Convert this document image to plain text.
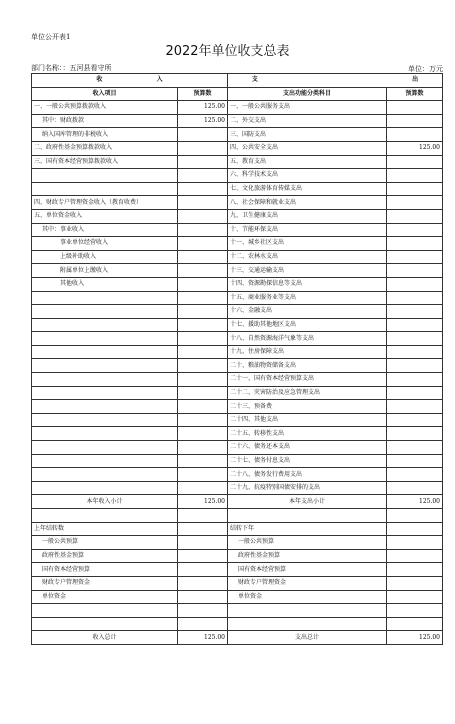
单位公开表1
2022年单位收支总表
部门名称：：五河县看守所	单位：万元
收 入		支 出	
收入项目	预算数	支出功能分类科目	预算数
一、一般公共预算拨款收入	125.00	一、一般公共服务支出	
其中：财政拨款	125.00	二、外交支出	
纳入国库管理的非税收入		三、国防支出	
二、政府性基金预算拨款收入		四、公共安全支出	125.00
三、国有资本经营预算拨款收入		五、教育支出	
		六、科学技术支出	
		七、文化旅游体育传媒支出	
四、财政专户管理资金收入（教育收费）		八、社会保障和就业支出	
五、单位资金收入		九、卫生健康支出	
其中：事业收入		十、节能环保支出	
事业单位经营收入		十一、城乡社区支出	
上级补助收入		十二、农林水支出	
附属单位上缴收入		十三、交通运输支出	
其他收入		十四、资源勘探信息等支出	
		十五、商业服务业等支出	
		十六、金融支出	
		十七、援助其他地区支出	
		十八、自然资源海洋气象等支出	
		十九、住房保障支出	
		二十、粮油物资储备支出	
		二十一、国有资本经营预算支出	
		二十二、灾害防治及应急管理支出	
		二十三、预备费	
		二十四、其他支出	
		二十五、转移性支出	
		二十六、债务还本支出	
		二十七、债务付息支出	
		二十八、债务发行费用支出	
		二十九、抗疫特别国债安排的支出	
本年收入小计	125.00	本年支出小计	125.00

上年结转数		结转下年	
一般公共预算		一般公共预算	
政府性基金预算		政府性基金预算	
国有资本经营预算		国有资本经营预算	
财政专户管理资金		财政专户管理资金	
单位资金		单位资金	

收入总计	125.00	支出总计	125.00
